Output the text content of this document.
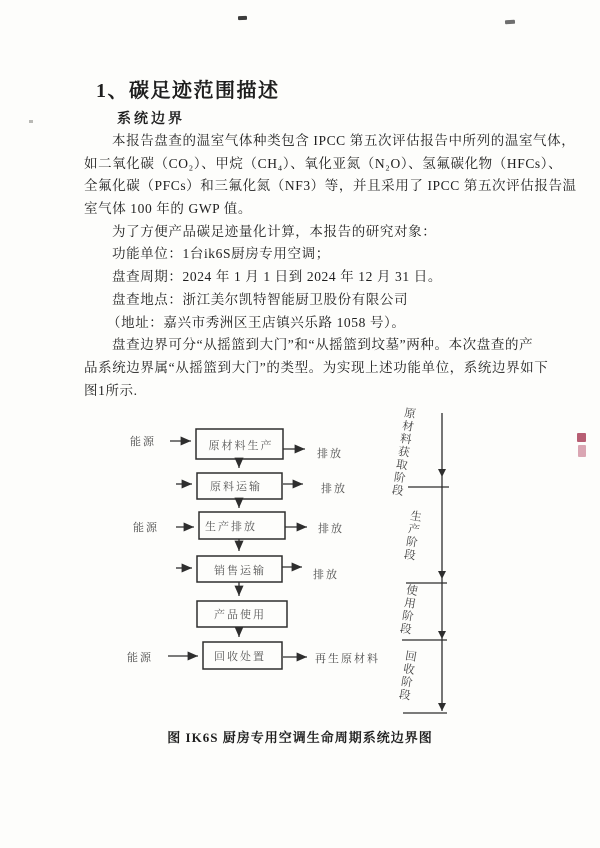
1、碳足迹范围描述
系统边界
本报告盘查的温室气体种类包含 IPCC 第五次评估报告中所列的温室气体，
如二氧化碳（CO₂）、甲烷（CH₄）、氧化亚氮（N₂O）、氢氟碳化物（HFCs）、
全氟化碳（PFCs）和三氟化氮（NF3）等，并且采用了 IPCC 第五次评估报告温
室气体 100 年的 GWP 值。
为了方便产品碳足迹量化计算，本报告的研究对象：
功能单位：1台ik6S厨房专用空调；
盘查周期：2024 年 1 月 1 日到 2024 年 12 月 31 日。
盘查地点：浙江美尔凯特智能厨卫股份有限公司
（地址：嘉兴市秀洲区王店镇兴乐路 1058 号）。
盘查边界可分“从摇篮到大门”和“从摇篮到坟墓”两种。本次盘查的产
品系统边界属“从摇篮到大门”的类型。为实现上述功能单位，系统边界如下
图1所示.
原材料生产
能源
排放
原料运输	排放
生产排放
能源	排放
销售运输	排放
产品使用
回收处置
能源	再生原材料
原材料获取阶段
生产阶段
使用阶段
回收阶段
图 IK6S 厨房专用空调生命周期系统边界图
